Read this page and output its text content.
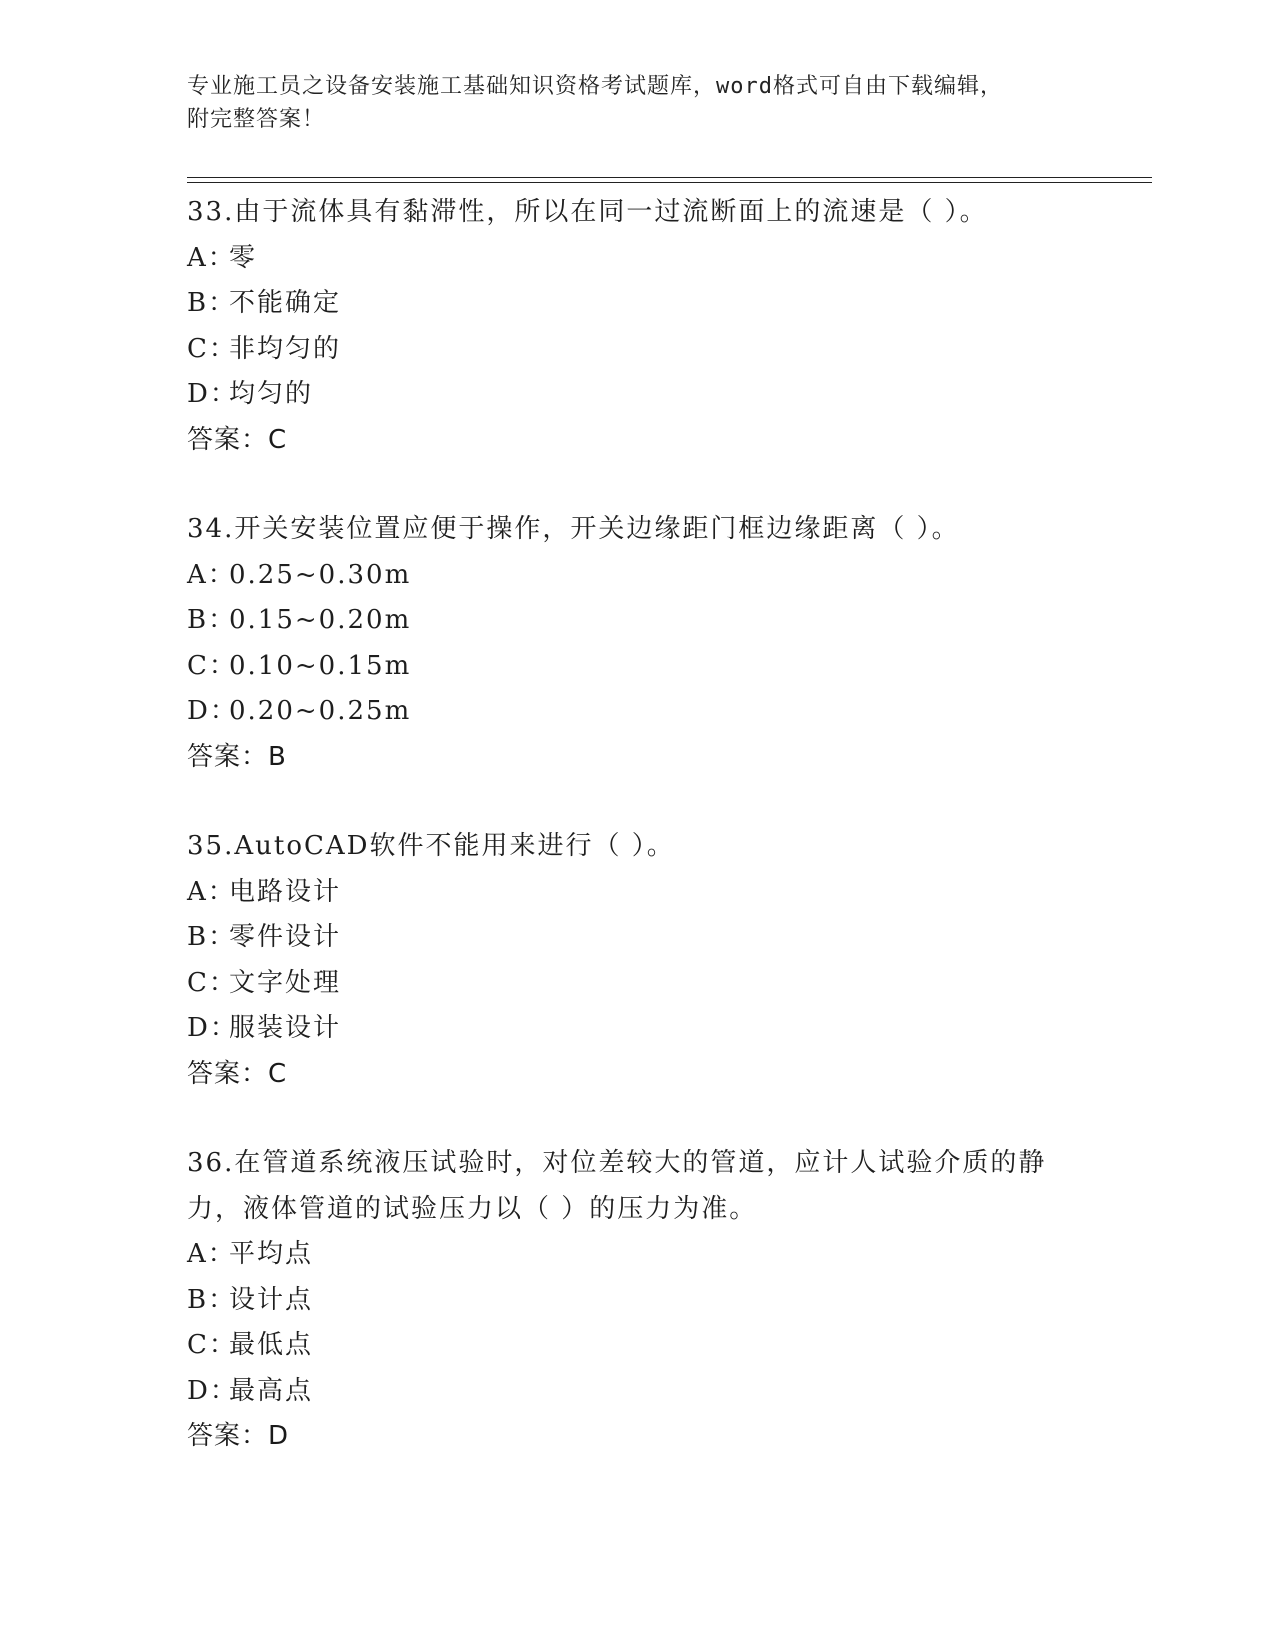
专业施工员之设备安装施工基础知识资格考试题库，word格式可自由下载编辑，
附完整答案！
33.由于流体具有黏滞性，所以在同一过流断面上的流速是（ ）。
A：零
B：不能确定
C：非均匀的
D：均匀的
答案：C
34.开关安装位置应便于操作，开关边缘距门框边缘距离（ ）。
A：0.25~0.30m
B：0.15~0.20m
C：0.10~0.15m
D：0.20~0.25m
答案：B
35.AutoCAD软件不能用来进行（ ）。
A：电路设计
B：零件设计
C：文字处理
D：服装设计
答案：C
36.在管道系统液压试验时，对位差较大的管道，应计人试验介质的静
力，液体管道的试验压力以（ ）的压力为准。
A：平均点
B：设计点
C：最低点
D：最高点
答案：D
